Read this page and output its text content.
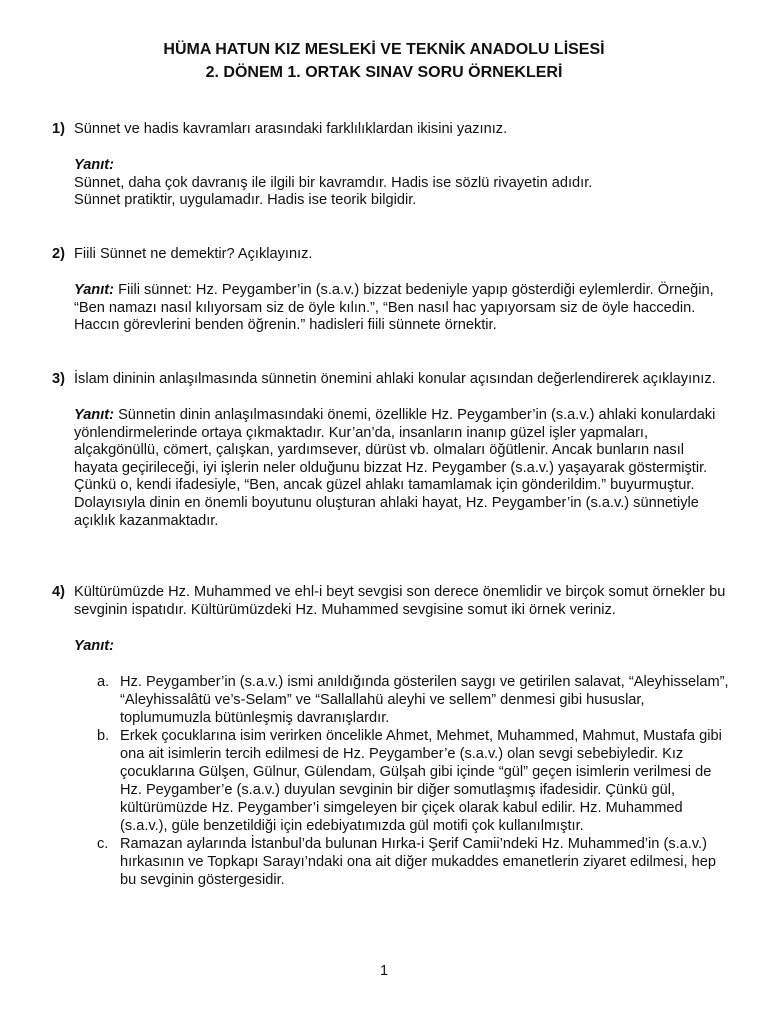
HÜMA HATUN KIZ MESLEKİ VE TEKNİK ANADOLU LİSESİ
2. DÖNEM 1. ORTAK SINAV SORU ÖRNEKLERİ
1) Sünnet ve hadis kavramları arasındaki farklılıklardan ikisini yazınız.
Yanıt:
Sünnet, daha çok davranış ile ilgili bir kavramdır. Hadis ise sözlü rivayetin adıdır.
Sünnet pratiktir, uygulamadır. Hadis ise teorik bilgidir.
2) Fiili Sünnet ne demektir? Açıklayınız.
Yanıt: Fiili sünnet: Hz. Peygamber’in (s.a.v.) bizzat bedeniyle yapıp gösterdiği eylemlerdir. Örneğin,
“Ben namazı nasıl kılıyorsam siz de öyle kılın.”, “Ben nasıl hac yapıyorsam siz de öyle haccedin.
Haccın görevlerini benden öğrenin.” hadisleri fiili sünnete örnektir.
3) İslam dininin anlaşılmasında sünnetin önemini ahlaki konular açısından değerlendirerek açıklayınız.
Yanıt: Sünnetin dinin anlaşılmasındaki önemi, özellikle Hz. Peygamber’in (s.a.v.) ahlaki konulardaki
yönlendirmelerinde ortaya çıkmaktadır. Kur’an’da, insanların inanıp güzel işler yapmaları,
alçakgönüllü, cömert, çalışkan, yardımsever, dürüst vb. olmaları öğütlenir. Ancak bunların nasıl
hayata geçirileceği, iyi işlerin neler olduğunu bizzat Hz. Peygamber (s.a.v.) yaşayarak göstermiştir.
Çünkü o, kendi ifadesiyle, “Ben, ancak güzel ahlakı tamamlamak için gönderildim.” buyurmuştur.
Dolayısıyla dinin en önemli boyutunu oluşturan ahlaki hayat, Hz. Peygamber’in (s.a.v.) sünnetiyle
açıklık kazanmaktadır.
4) Kültürümüzde Hz. Muhammed ve ehl-i beyt sevgisi son derece önemlidir ve birçok somut örnekler bu
sevginin ispatıdır. Kültürümüzdeki Hz. Muhammed sevgisine somut iki örnek veriniz.
Yanıt:
a. Hz. Peygamber’in (s.a.v.) ismi anıldığında gösterilen saygı ve getirilen salavat, “Aleyhisselam”,
“Aleyhissalâtü ve’s-Selam” ve “Sallallahü aleyhi ve sellem” denmesi gibi hususlar,
toplumumuzla bütünleşmiş davranışlardır.
b. Erkek çocuklarına isim verirken öncelikle Ahmet, Mehmet, Muhammed, Mahmut, Mustafa gibi
ona ait isimlerin tercih edilmesi de Hz. Peygamber’e (s.a.v.) olan sevgi sebebiyledir. Kız
çocuklarına Gülşen, Gülnur, Gülendam, Gülşah gibi içinde “gül” geçen isimlerin verilmesi de
Hz. Peygamber’e (s.a.v.) duyulan sevginin bir diğer somutlaşmış ifadesidir. Çünkü gül,
kültürümüzde Hz. Peygamber’i simgeleyen bir çiçek olarak kabul edilir. Hz. Muhammed
(s.a.v.), güle benzetildiği için edebiyatımızda gül motifi çok kullanılmıştır.
c. Ramazan aylarında İstanbul’da bulunan Hırka-i Şerif Camii’ndeki Hz. Muhammed’in (s.a.v.)
hırkasının ve Topkapı Sarayı’ndaki ona ait diğer mukaddes emanetlerin ziyaret edilmesi, hep
bu sevginin göstergesidir.
1
